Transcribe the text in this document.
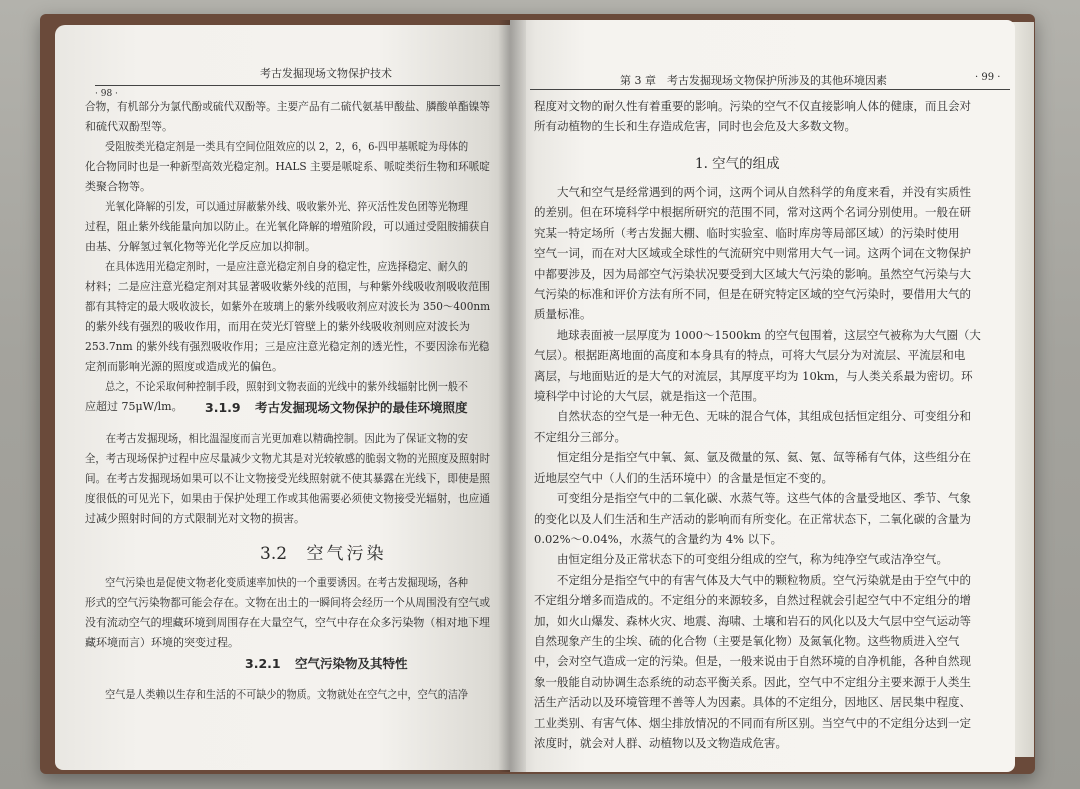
考古发掘现场文物保护技术
· 98 ·
合物，有机部分为氯代酚或硫代双酚等。主要产品有二硫代氨基甲酸盐、膦酸单酯镍等
和硫代双酚型等。
受阻胺类光稳定剂是一类具有空间位阻效应的以 2，2，6，6-四甲基哌啶为母体的
化合物同时也是一种新型高效光稳定剂。HALS 主要是哌啶系、哌啶类衍生物和环哌啶
类聚合物等。
光氧化降解的引发，可以通过屏蔽紫外线、吸收紫外光、猝灭活性发色团等光物理
过程，阻止紫外线能量向加以防止。在光氧化降解的增殖阶段，可以通过受阻胺捕获自
由基、分解氢过氧化物等光化学反应加以抑制。
在具体选用光稳定剂时，一是应注意光稳定剂自身的稳定性，应选择稳定、耐久的
材料；二是应注意光稳定剂对其显著吸收紫外线的范围，与种紫外线吸收剂吸收范围
都有其特定的最大吸收波长，如紫外在玻璃上的紫外线吸收剂应对波长为 350～400nm
的紫外线有强烈的吸收作用，而用在荧光灯管壁上的紫外线吸收剂则应对波长为
253.7nm 的紫外线有强烈吸收作用；三是应注意光稳定剂的透光性，不要因涂布光稳
定剂而影响光源的照度或造成光的偏色。
总之，不论采取何种控制手段，照射到文物表面的光线中的紫外线辐射比例一般不
应超过 75μW/lm。	3.1.9 考古发掘现场文物保护的最佳环境照度
在考古发掘现场，相比温湿度而言光更加难以精确控制。因此为了保证文物的安
全，考古现场保护过程中应尽量减少文物尤其是对光较敏感的脆弱文物的光照度及照射时
间。在考古发掘现场如果可以不让文物接受光线照射就不使其暴露在光线下，即使是照
度很低的可见光下，如果由于保护处理工作或其他需要必须使文物接受光辐射，也应通
过减少照射时间的方式限制光对文物的损害。
3.2 空气污染
空气污染也是促使文物老化变质速率加快的一个重要诱因。在考古发掘现场，各种
形式的空气污染物都可能会存在。文物在出土的一瞬间将会经历一个从周围没有空气或
没有流动空气的埋藏环境到周围存在大量空气，空气中存在众多污染物（相对地下埋
藏环境而言）环境的突变过程。
3.2.1 空气污染物及其特性
空气是人类赖以生存和生活的不可缺少的物质。文物就处在空气之中，空气的洁净
第 3 章　考古发掘现场文物保护所涉及的其他环境因素	· 99 ·
程度对文物的耐久性有着重要的影响。污染的空气不仅直接影响人体的健康，而且会对
所有动植物的生长和生存造成危害，同时也会危及大多数文物。
1. 空气的组成
大气和空气是经常遇到的两个词，这两个词从自然科学的角度来看，并没有实质性
的差别。但在环境科学中根据所研究的范围不同，常对这两个名词分别使用。一般在研
究某一特定场所（考古发掘大棚、临时实验室、临时库房等局部区域）的污染时使用
空气一词，而在对大区域或全球性的气流研究中则常用大气一词。这两个词在文物保护
中都要涉及，因为局部空气污染状况要受到大区域大气污染的影响。虽然空气污染与大
气污染的标准和评价方法有所不同，但是在研究特定区域的空气污染时，要借用大气的
质量标准。
地球表面被一层厚度为 1000～1500km 的空气包围着，这层空气被称为大气圈（大
气层）。根据距离地面的高度和本身具有的特点，可将大气层分为对流层、平流层和电
离层，与地面贴近的是大气的对流层，其厚度平均为 10km，与人类关系最为密切。环
境科学中讨论的大气层，就是指这一个范围。
自然状态的空气是一种无色、无味的混合气体，其组成包括恒定组分、可变组分和
不定组分三部分。
恒定组分是指空气中氧、氮、氩及微量的氖、氦、氪、氙等稀有气体，这些组分在
近地层空气中（人们的生活环境中）的含量是恒定不变的。
可变组分是指空气中的二氧化碳、水蒸气等。这些气体的含量受地区、季节、气象
的变化以及人们生活和生产活动的影响而有所变化。在正常状态下，二氧化碳的含量为
0.02%～0.04%，水蒸气的含量约为 4% 以下。
由恒定组分及正常状态下的可变组分组成的空气，称为纯净空气或洁净空气。
不定组分是指空气中的有害气体及大气中的颗粒物质。空气污染就是由于空气中的
不定组分增多而造成的。不定组分的来源较多，自然过程就会引起空气中不定组分的增
加，如火山爆发、森林火灾、地震、海啸、土壤和岩石的风化以及大气层中空气运动等
自然现象产生的尘埃、硫的化合物（主要是氧化物）及氮氧化物。这些物质进入空气
中，会对空气造成一定的污染。但是，一般来说由于自然环境的自净机能，各种自然现
象一般能自动协调生态系统的动态平衡关系。因此，空气中不定组分主要来源于人类生
活生产活动以及环境管理不善等人为因素。具体的不定组分，因地区、居民集中程度、
工业类别、有害气体、烟尘排放情况的不同而有所区别。当空气中的不定组分达到一定
浓度时，就会对人群、动植物以及文物造成危害。
